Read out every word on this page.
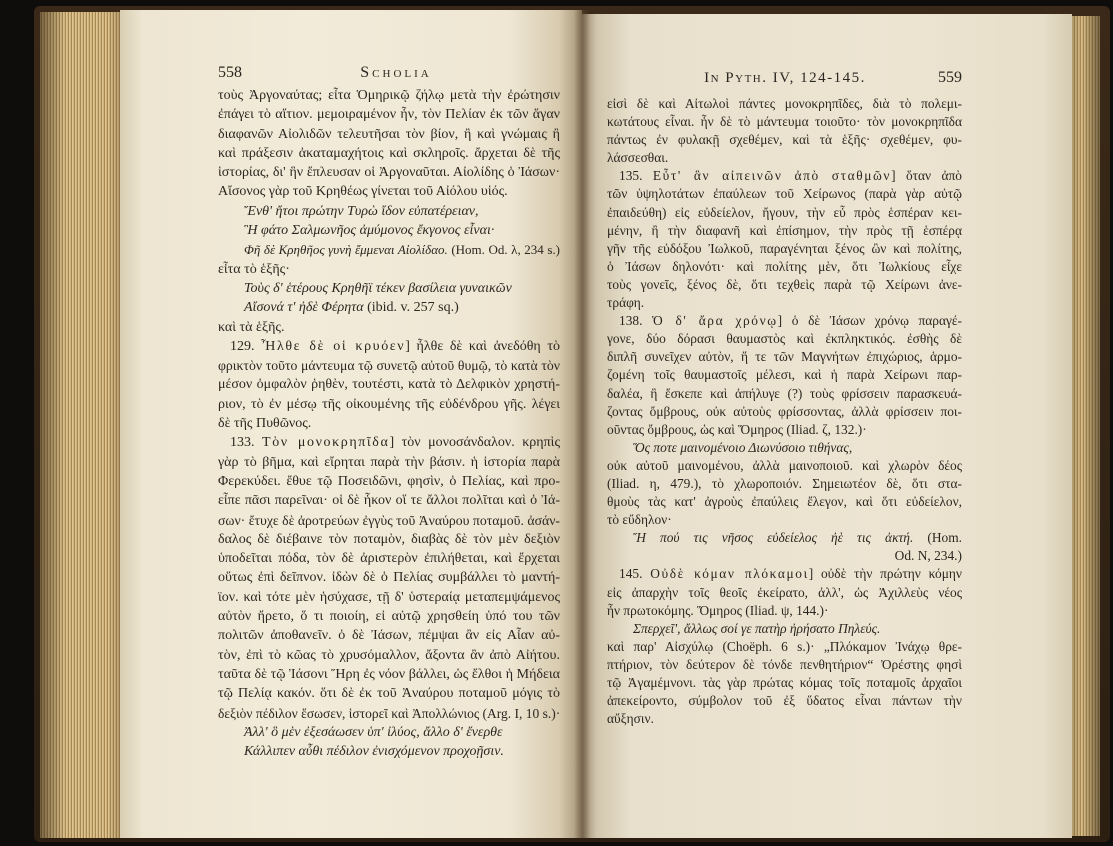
558	Scholia	In Pyth. IV, 124-145.	559
τοὺς Ἀργοναύτας; εἶτα Ὁμηρικῷ ζήλῳ μετὰ τὴν ἐρώτησιν
ἐπάγει τὸ αἴτιον. μεμοιραμένον ἦν, τὸν Πελίαν ἐκ τῶν ἄγαν
διαφανῶν Αἰολιδῶν τελευτῆσαι τὸν βίον, ἢ καὶ γνώμαις ἢ
καὶ πράξεσιν ἀκαταμαχήτοις καὶ σκληροῖς. ἄρχεται δὲ τῆς
ἱστορίας, δι' ἣν ἔπλευσαν οἱ Ἀργοναῦται. Αἰολίδης ὁ Ἰάσων·
Αἴσονος γὰρ τοῦ Κρηθέως γίνεται τοῦ Αἰόλου υἱός.
Ἔνθ' ἤτοι πρώτην Τυρὼ ἴδον εὐπατέρειαν,
Ἣ φάτο Σαλμωνῆος ἀμύμονος ἔκγονος εἶναι·
Φῆ δὲ Κρηθῆος γυνὴ ἔμμεναι Αἰολίδαο. (Hom. Od. λ, 234 s.)
εἶτα τὸ ἑξῆς·
Τοὺς δ' ἑτέρους Κρηθῆϊ τέκεν βασίλεια γυναικῶν
Αἴσονά τ' ἠδὲ Φέρητα (ibid. v. 257 sq.)
καὶ τὰ ἑξῆς.
129. Ἦλθε δὲ οἱ κρυόεν] ἦλθε δὲ καὶ ἀνεδόθη τὸ
φρικτὸν τοῦτο μάντευμα τῷ συνετῷ αὐτοῦ θυμῷ, τὸ κατὰ τὸν
μέσον ὀμφαλὸν ῥηθὲν, τουτέστι, κατὰ τὸ Δελφικὸν χρηστή-
ριον, τὸ ἐν μέσῳ τῆς οἰκουμένης τῆς εὐδένδρου γῆς. λέγει
δὲ τῆς Πυθῶνος.
133. Τὸν μονοκρηπῖδα] τὸν μονοσάνδαλον. κρηπὶς
γὰρ τὸ βῆμα, καὶ εἴρηται παρὰ τὴν βάσιν. ἡ ἱστορία παρὰ
Φερεκύδει. ἔθυε τῷ Ποσειδῶνι, φησὶν, ὁ Πελίας, καὶ προ-
εἶπε πᾶσι παρεῖναι· οἱ δὲ ἧκον οἵ τε ἄλλοι πολῖται καὶ ὁ Ἰά-
σων· ἔτυχε δὲ ἀροτρεύων ἐγγὺς τοῦ Ἀναύρου ποταμοῦ. ἀσάν-
δαλος δὲ διέβαινε τὸν ποταμὸν, διαβὰς δὲ τὸν μὲν δεξιὸν
ὑποδεῖται πόδα, τὸν δὲ ἀριστερὸν ἐπιλήθεται, καὶ ἔρχεται
οὕτως ἐπὶ δεῖπνον. ἰδὼν δὲ ὁ Πελίας συμβάλλει τὸ μαντή-
ϊον. καὶ τότε μὲν ἡσύχασε, τῇ δ' ὑστεραίᾳ μεταπεμψάμενος
αὐτὸν ἤρετο, ὅ τι ποιοίη, εἰ αὐτῷ χρησθείη ὑπό του τῶν
πολιτῶν ἀποθανεῖν. ὁ δὲ Ἰάσων, πέμψαι ἂν εἰς Αἶαν αὐ-
τὸν, ἐπὶ τὸ κῶας τὸ χρυσόμαλλον, ἄξοντα ἂν ἀπὸ Αἰήτου.
ταῦτα δὲ τῷ Ἰάσονι Ἥρη ἐς νόον βάλλει, ὡς ἔλθοι ἡ Μήδεια
τῷ Πελίᾳ κακόν. ὅτι δὲ ἐκ τοῦ Ἀναύρου ποταμοῦ μόγις τὸ
δεξιὸν πέδιλον ἔσωσεν, ἱστορεῖ καὶ Ἀπολλώνιος (Arg. I, 10 s.)·
Ἀλλ' ὃ μὲν ἐξεσάωσεν ὑπ' ἰλύος, ἄλλο δ' ἔνερθε
Κάλλιπεν αὖθι πέδιλον ἐνισχόμενον προχοῇσιν.
εἰσὶ δὲ καὶ Αἰτωλοὶ πάντες μονοκρηπῖδες, διὰ τὸ πολεμι-
κωτάτους εἶναι. ἦν δὲ τὸ μάντευμα τοιοῦτο· τὸν μονοκρηπῖδα
πάντως ἐν φυλακῇ σχεθέμεν, καὶ τὰ ἑξῆς· σχεθέμεν, φυ-
λάσσεσθαι.
135. Εὖτ' ἂν αἰπεινῶν ἀπὸ σταθμῶν] ὅταν ἀπὸ
τῶν ὑψηλοτάτων ἐπαύλεων τοῦ Χείρωνος (παρὰ γὰρ αὐτῷ
ἐπαιδεύθη) εἰς εὐδείελον, ἤγουν, τὴν εὖ πρὸς ἑσπέραν κει-
μένην, ἢ τὴν διαφανῆ καὶ ἐπίσημον, τὴν πρὸς τῇ ἑσπέρᾳ
γῆν τῆς εὐδόξου Ἰωλκοῦ, παραγένηται ξένος ὢν καὶ πολίτης,
ὁ Ἰάσων δηλονότι· καὶ πολίτης μὲν, ὅτι Ἰωλκίους εἶχε
τοὺς γονεῖς, ξένος δὲ, ὅτι τεχθεὶς παρὰ τῷ Χείρωνι ἀνε-
τράφη.
138. Ὁ δ' ἄρα χρόνῳ] ὁ δὲ Ἰάσων χρόνῳ παραγέ-
γονε, δύο δόρασι θαυμαστὸς καὶ ἐκπληκτικός. ἐσθὴς δὲ
διπλῆ συνεῖχεν αὐτὸν, ἥ τε τῶν Μαγνήτων ἐπιχώριος, ἁρμο-
ζομένη τοῖς θαυμαστοῖς μέλεσι, καὶ ἡ παρὰ Χείρωνι παρ-
δαλέα, ἣ ἔσκεπε καὶ ἀπήλυγε (?) τοὺς φρίσσειν παρασκευά-
ζοντας ὄμβρους, οὐκ αὐτοὺς φρίσσοντας, ἀλλὰ φρίσσειν ποι-
οῦντας ὄμβρους, ὡς καὶ Ὅμηρος (Iliad. ζ, 132.)·
Ὅς ποτε μαινομένοιο Διωνύσοιο τιθήνας,
οὐκ αὐτοῦ μαινομένου, ἀλλὰ μαινοποιοῦ. καὶ χλωρὸν δέος
(Iliad. η, 479.), τὸ χλωροποιόν. Σημειωτέον δὲ, ὅτι στα-
θμοὺς τὰς κατ' ἀγροὺς ἐπαύλεις ἔλεγον, καὶ ὅτι εὐδείελον,
τὸ εὔδηλον·
Ἤ πού τις νῆσος εὐδείελος ἠὲ τις ἀκτή. (Hom.
Od. N, 234.)
145. Οὐδὲ κόμαν πλόκαμοι] οὐδὲ τὴν πρώτην κόμην
εἰς ἀπαρχὴν τοῖς θεοῖς ἐκείρατο, ἀλλ', ὡς Ἀχιλλεὺς νέος
ἦν πρωτοκόμης. Ὅμηρος (Iliad. ψ, 144.)·
Σπερχεῖ', ἄλλως σοί γε πατὴρ ἠρήσατο Πηλεύς.
καὶ παρ' Αἰσχύλῳ (Choëph. 6 s.)· „Πλόκαμον Ἰνάχῳ θρε-
πτήριον, τὸν δεύτερον δὲ τόνδε πενθητήριον“ Ὀρέστης φησὶ
τῷ Ἀγαμέμνονι. τὰς γὰρ πρώτας κόμας τοῖς ποταμοῖς ἀρχαῖοι
ἀπεκείροντο, σύμβολον τοῦ ἐξ ὕδατος εἶναι πάντων τὴν
αὔξησιν.
